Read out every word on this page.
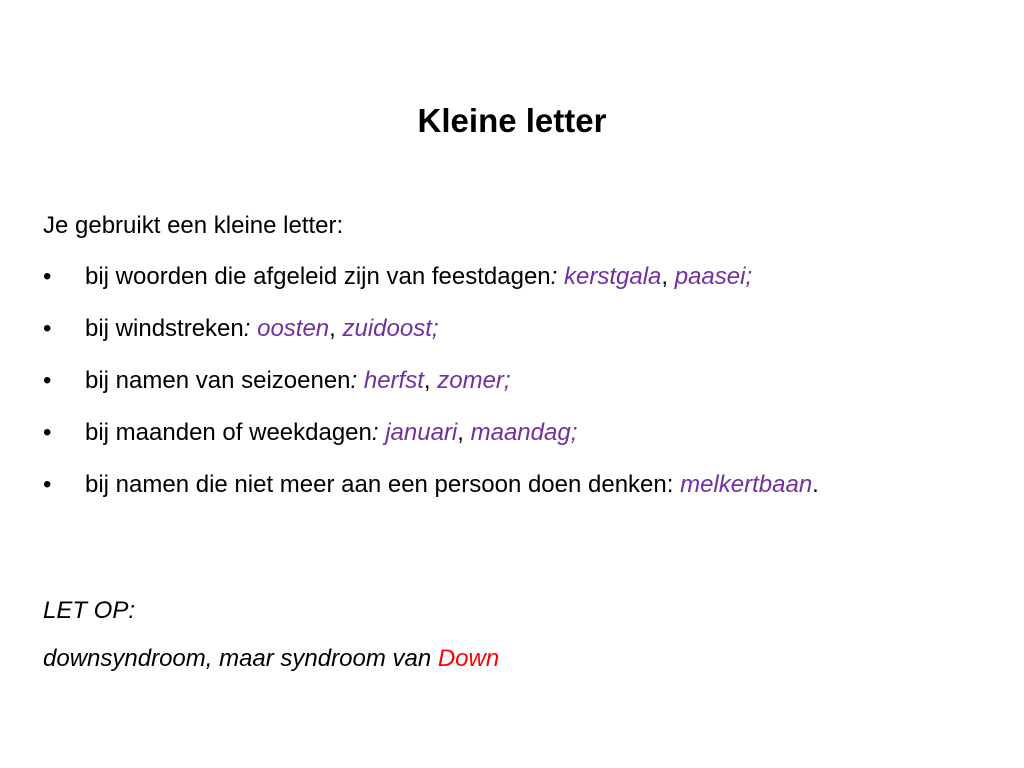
Kleine letter
Je gebruikt een kleine letter:
• bij woorden die afgeleid zijn van feestdagen: kerstgala, paasei;
• bij windstreken: oosten, zuidoost;
• bij namen van seizoenen: herfst, zomer;
• bij maanden of weekdagen: januari, maandag;
• bij namen die niet meer aan een persoon doen denken: melkertbaan.
LET OP:
downsyndroom, maar syndroom van Down
